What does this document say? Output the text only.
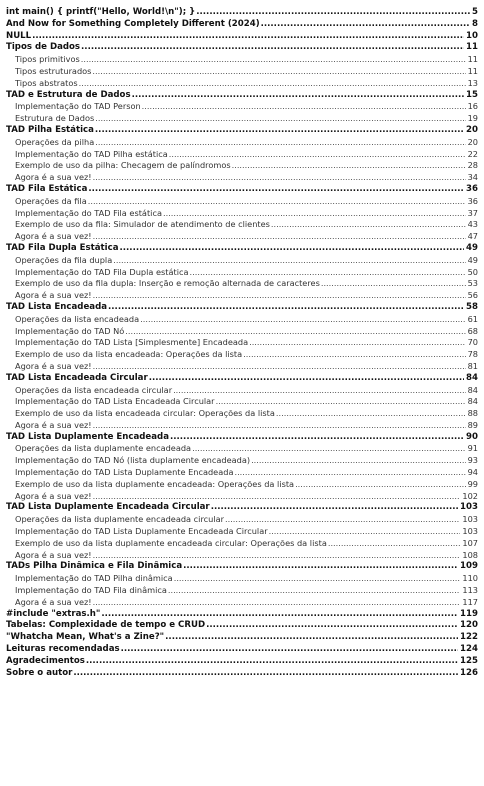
int main() { printf("Hello, World!\n"); } .....	5
And Now for Something Completely Different (2024) .....	8
NULL .....	10
Tipos de Dados .....	11
Tipos primitivos .....	11
Tipos estruturados .....	11
Tipos abstratos .....	13
TAD e Estrutura de Dados .....	15
Implementação do TAD Person .....	16
Estrutura de Dados .....	19
TAD Pilha Estática .....	20
Operações da pilha .....	20
Implementação do TAD Pilha estática .....	22
Exemplo de uso da pilha: Checagem de palíndromos .....	28
Agora é a sua vez! .....	34
TAD Fila Estática .....	36
Operações da fila .....	36
Implementação do TAD Fila estática .....	37
Exemplo de uso da fila: Simulador de atendimento de clientes .....	43
Agora é a sua vez! .....	47
TAD Fila Dupla Estática .....	49
Operações da fila dupla .....	49
Implementação do TAD Fila Dupla estática .....	50
Exemplo de uso da fila dupla: Inserção e remoção alternada de caracteres .....	53
Agora é a sua vez! .....	56
TAD Lista Encadeada .....	58
Operações da lista encadeada .....	61
Implementação do TAD Nó .....	68
Implementação do TAD Lista [Simplesmente] Encadeada .....	70
Exemplo de uso da lista encadeada: Operações da lista .....	78
Agora é a sua vez! .....	81
TAD Lista Encadeada Circular .....	84
Operações da lista encadeada circular .....	84
Implementação do TAD Lista Encadeada Circular .....	84
Exemplo de uso da lista encadeada circular: Operações da lista .....	88
Agora é a sua vez! .....	89
TAD Lista Duplamente Encadeada .....	90
Operações da lista duplamente encadeada .....	91
Implementação do TAD Nó (lista duplamente encadeada) .....	93
Implementação do TAD Lista Duplamente Encadeada .....	94
Exemplo de uso da lista duplamente encadeada: Operações da lista .....	99
Agora é a sua vez! .....	102
TAD Lista Duplamente Encadeada Circular .....	103
Operações da lista duplamente encadeada circular .....	103
Implementação do TAD Lista Duplamente Encadeada Circular .....	103
Exemplo de uso da lista duplamente encadeada circular: Operações da lista .....	107
Agora é a sua vez! .....	108
TADs Pilha Dinâmica e Fila Dinâmica .....	109
Implementação do TAD Pilha dinâmica .....	110
Implementação do TAD Fila dinâmica .....	113
Agora é a sua vez! .....	117
#include "extras.h" .....	119
Tabelas: Complexidade de tempo e CRUD .....	120
"Whatcha Mean, What's a Zine?" .....	122
Leituras recomendadas .....	124
Agradecimentos .....	125
Sobre o autor .....	126
